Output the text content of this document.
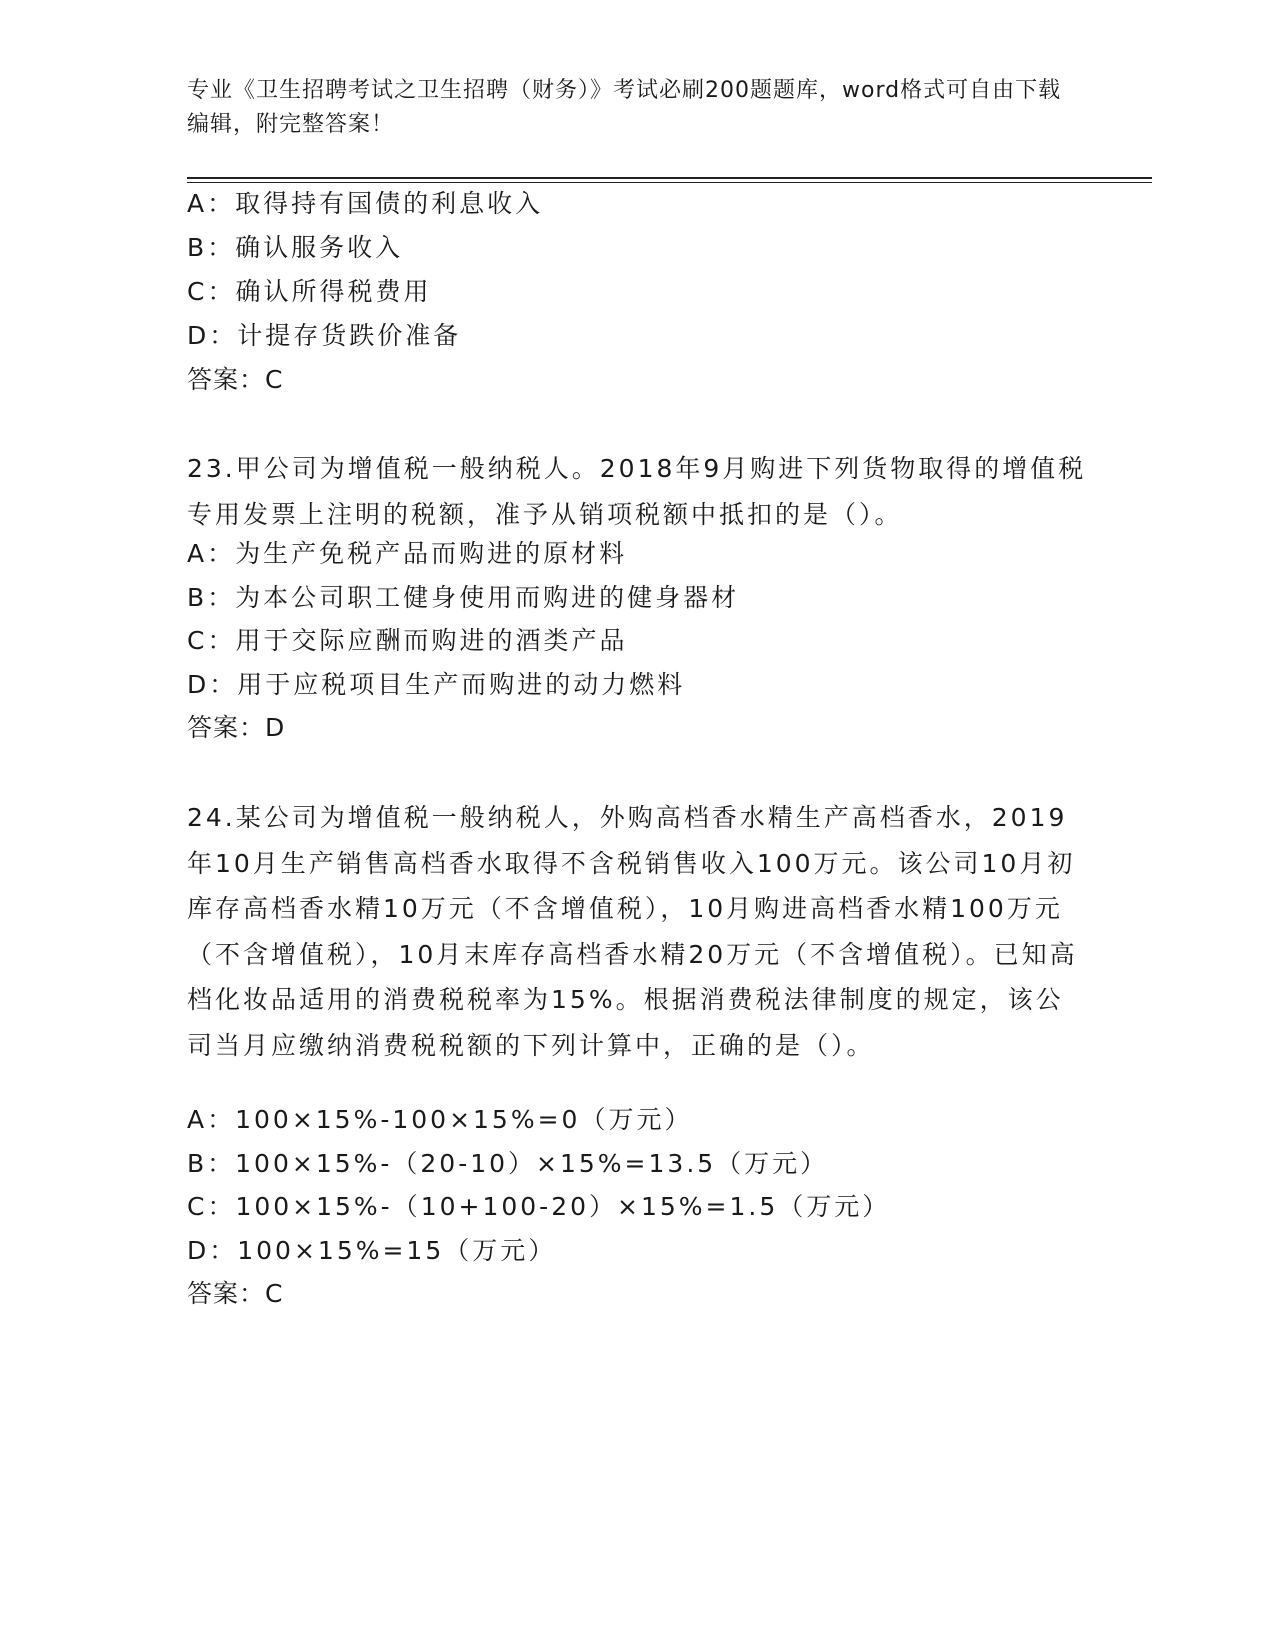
专业《卫生招聘考试之卫生招聘（财务）》考试必刷200题题库，word格式可自由下载编辑，附完整答案！
A：取得持有国债的利息收入
B：确认服务收入
C：确认所得税费用
D：计提存货跌价准备
答案：C
23.甲公司为增值税一般纳税人。2018年9月购进下列货物取得的增值税专用发票上注明的税额，准予从销项税额中抵扣的是（）。
A：为生产免税产品而购进的原材料
B：为本公司职工健身使用而购进的健身器材
C：用于交际应酬而购进的酒类产品
D：用于应税项目生产而购进的动力燃料
答案：D
24.某公司为增值税一般纳税人，外购高档香水精生产高档香水，2019年10月生产销售高档香水取得不含税销售收入100万元。该公司10月初库存高档香水精10万元（不含增值税），10月购进高档香水精100万元（不含增值税），10月末库存高档香水精20万元（不含增值税）。已知高档化妆品适用的消费税税率为15%。根据消费税法律制度的规定，该公司当月应缴纳消费税税额的下列计算中，正确的是（）。
A：100×15%-100×15%=0（万元）
B：100×15%-（20-10）×15%=13.5（万元）
C：100×15%-（10+100-20）×15%=1.5（万元）
D：100×15%=15（万元）
答案：C
